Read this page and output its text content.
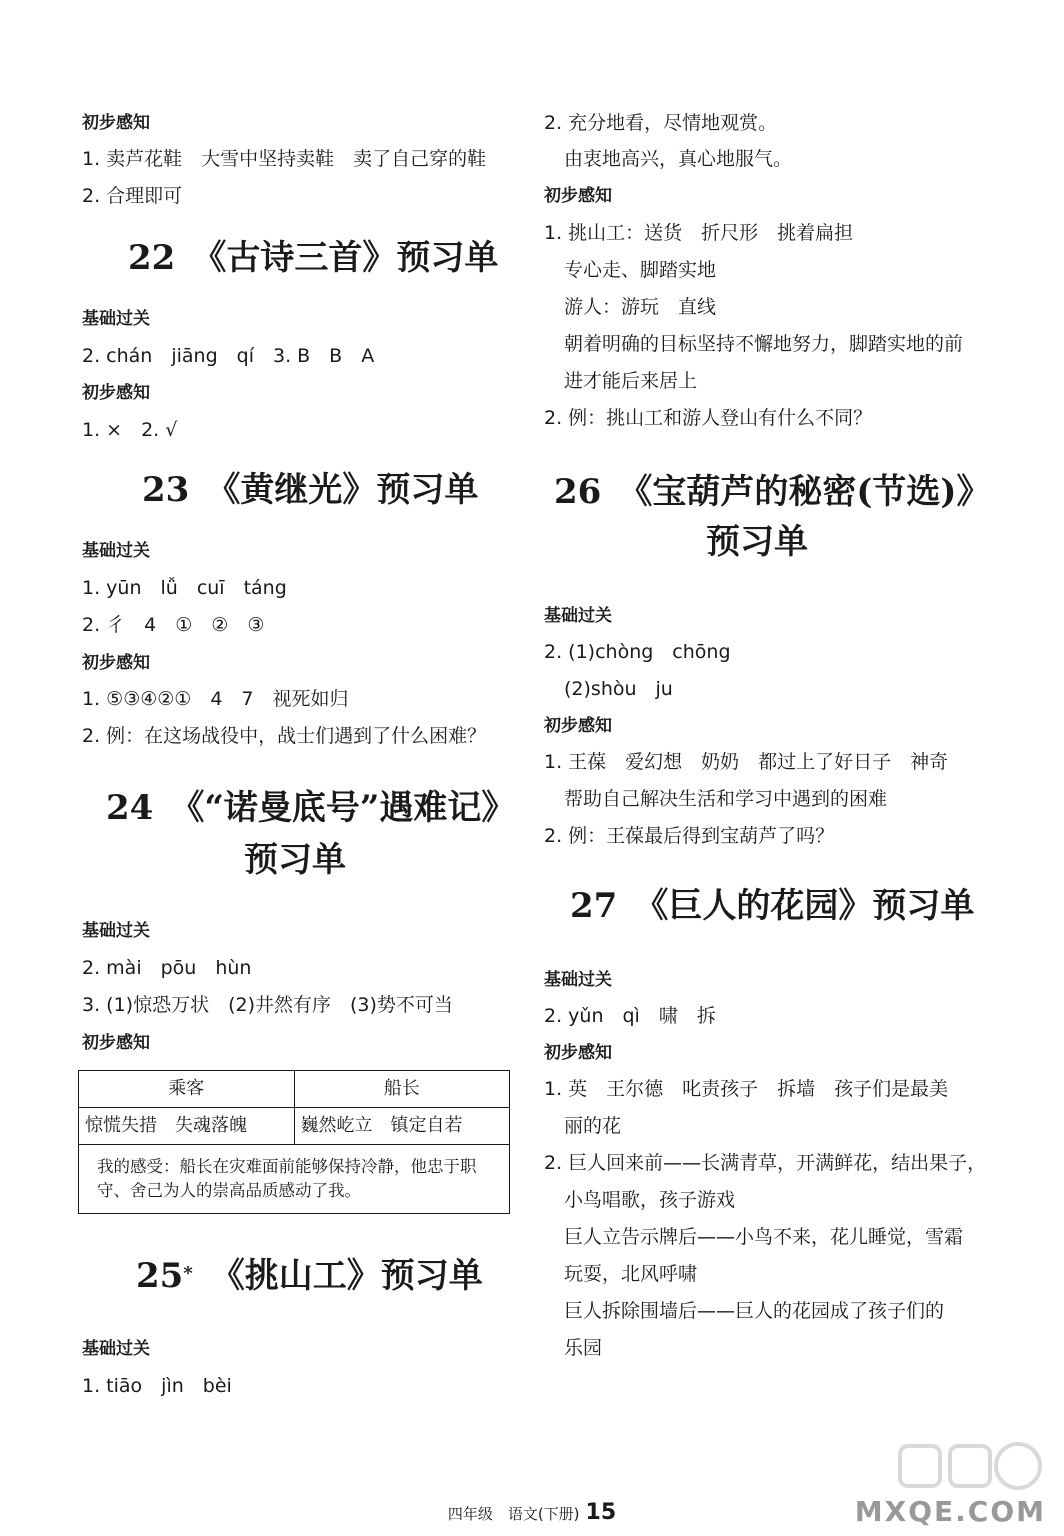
初步感知
1. 卖芦花鞋　大雪中坚持卖鞋　卖了自己穿的鞋
2. 合理即可
22　《古诗三首》预习单
基础过关
2. chán　jiāng　qí　3. B　B　A
初步感知
1. ×　2. √
23　《黄继光》预习单
基础过关
1. yūn　lǚ　cuī　táng
2. 彳　4　①　②　③
初步感知
1. ⑤③④②①　4　7　视死如归
2. 例：在这场战役中，战士们遇到了什么困难？
24　《“诺曼底号”遇难记》
预习单
基础过关
2. mài　pōu　hùn
3. (1)惊恐万状　(2)井然有序　(3)势不可当
初步感知
25* 《挑山工》预习单
基础过关
1. tiāo　jìn　bèi
乘客	船长
惊慌失措　失魂落魄	巍然屹立　镇定自若
我的感受：船长在灾难面前能够保持冷静，他忠于职守、舍己为人的崇高品质感动了我。	
2. 充分地看，尽情地观赏。
由衷地高兴，真心地服气。
初步感知
1. 挑山工：送货　折尺形　挑着扁担
专心走、脚踏实地
游人：游玩　直线
朝着明确的目标坚持不懈地努力，脚踏实地的前
进才能后来居上
2. 例：挑山工和游人登山有什么不同？
26　《宝葫芦的秘密(节选)》
预习单
基础过关
2. (1)chòng　chōng
(2)shòu　ju
初步感知
1. 王葆　爱幻想　奶奶　都过上了好日子　神奇
帮助自己解决生活和学习中遇到的困难
2. 例：王葆最后得到宝葫芦了吗？
27　《巨人的花园》预习单
基础过关
2. yǔn　qì　啸　拆
初步感知
1. 英　王尔德　叱责孩子　拆墙　孩子们是最美
丽的花
2. 巨人回来前——长满青草，开满鲜花，结出果子，
小鸟唱歌，孩子游戏
巨人立告示牌后——小鸟不来，花儿睡觉，雪霜
玩耍，北风呼啸
巨人拆除围墙后——巨人的花园成了孩子们的
乐园
四年级　语文(下册) 15	MXQE.COM
